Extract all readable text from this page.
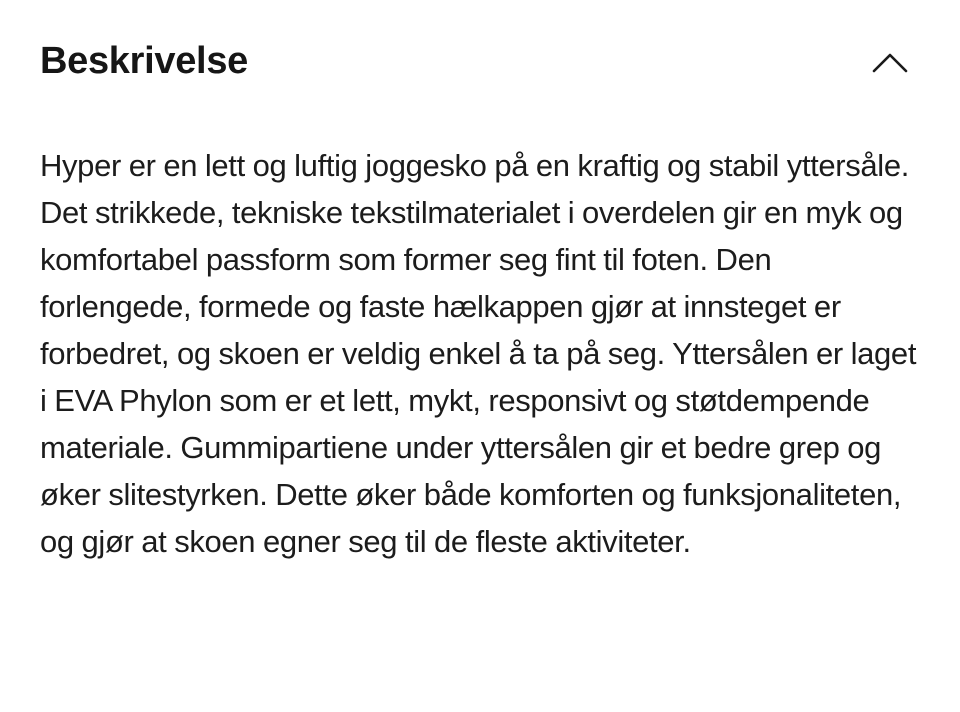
Beskrivelse

Hyper er en lett og luftig joggesko på en kraftig og stabil yttersåle. Det strikkede, tekniske tekstilmaterialet i overdelen gir en myk og komfortabel passform som former seg fint til foten. Den forlengede, formede og faste hælkappen gjør at innsteget er forbedret, og skoen er veldig enkel å ta på seg. Yttersålen er laget i EVA Phylon som er et lett, mykt, responsivt og støtdempende materiale. Gummipartiene under yttersålen gir et bedre grep og øker slitestyrken. Dette øker både komforten og funksjonaliteten, og gjør at skoen egner seg til de fleste aktiviteter.
